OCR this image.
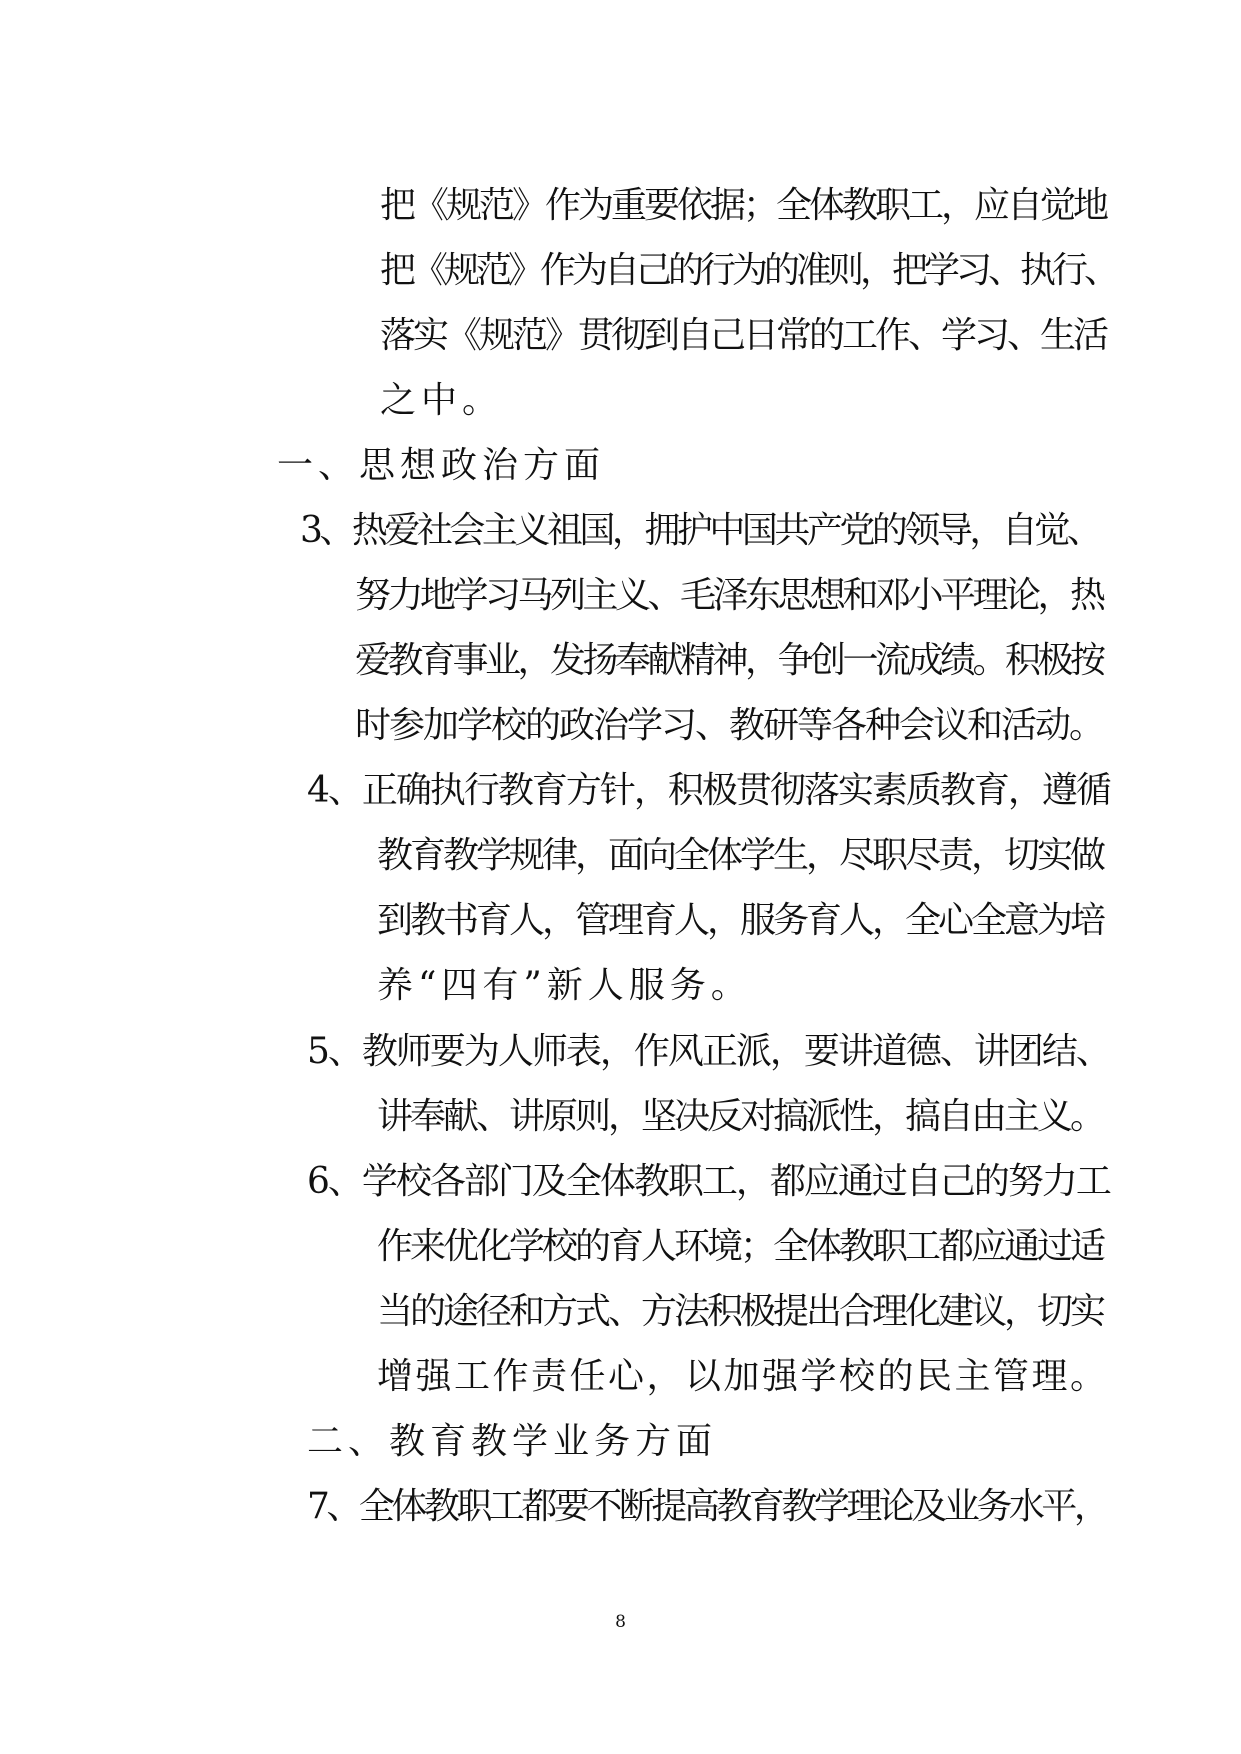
把《规范》作为重要依据；全体教职工，应自觉地
把《规范》作为自己的行为的准则，把学习、执行、
落实《规范》贯彻到自己日常的工作、学习、生活
之中。
一、思想政治方面
3、热爱社会主义祖国，拥护中国共产党的领导，自觉、
努力地学习马列主义、毛泽东思想和邓小平理论，热
爱教育事业，发扬奉献精神，争创一流成绩。积极按
时参加学校的政治学习、教研等各种会议和活动。
4、正确执行教育方针，积极贯彻落实素质教育，遵循
教育教学规律，面向全体学生，尽职尽责，切实做
到教书育人，管理育人，服务育人，全心全意为培
养“四有”新人服务。
5、教师要为人师表，作风正派，要讲道德、讲团结、
讲奉献、讲原则，坚决反对搞派性，搞自由主义。
6、学校各部门及全体教职工，都应通过自己的努力工
作来优化学校的育人环境；全体教职工都应通过适
当的途径和方式、方法积极提出合理化建议，切实
增强工作责任心，以加强学校的民主管理。
二、教育教学业务方面
7、全体教职工都要不断提高教育教学理论及业务水平，
8
